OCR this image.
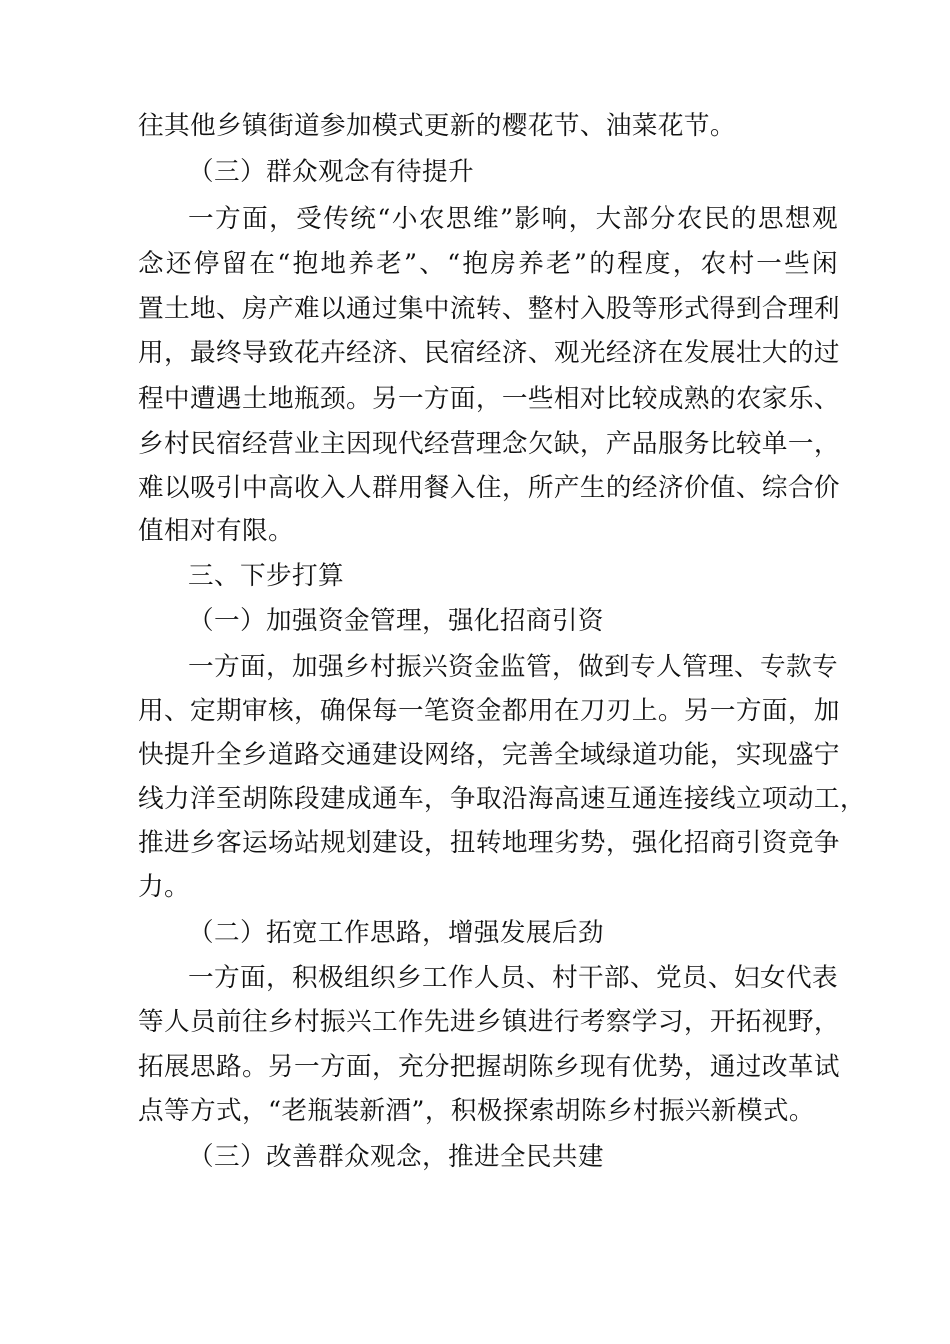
往其他乡镇街道参加模式更新的樱花节、油菜花节。
（三）群众观念有待提升
一方面，受传统“小农思维”影响，大部分农民的思想观
念还停留在“抱地养老”、“抱房养老”的程度，农村一些闲
置土地、房产难以通过集中流转、整村入股等形式得到合理利
用，最终导致花卉经济、民宿经济、观光经济在发展壮大的过
程中遭遇土地瓶颈。另一方面，一些相对比较成熟的农家乐、
乡村民宿经营业主因现代经营理念欠缺，产品服务比较单一，
难以吸引中高收入人群用餐入住，所产生的经济价值、综合价
值相对有限。
三、下步打算
（一）加强资金管理，强化招商引资
一方面，加强乡村振兴资金监管，做到专人管理、专款专
用、定期审核，确保每一笔资金都用在刀刃上。另一方面，加
快提升全乡道路交通建设网络，完善全域绿道功能，实现盛宁
线力洋至胡陈段建成通车，争取沿海高速互通连接线立项动工，
推进乡客运场站规划建设，扭转地理劣势，强化招商引资竞争
力。
（二）拓宽工作思路，增强发展后劲
一方面，积极组织乡工作人员、村干部、党员、妇女代表
等人员前往乡村振兴工作先进乡镇进行考察学习，开拓视野，
拓展思路。另一方面，充分把握胡陈乡现有优势，通过改革试
点等方式，“老瓶装新酒”，积极探索胡陈乡村振兴新模式。
（三）改善群众观念，推进全民共建
